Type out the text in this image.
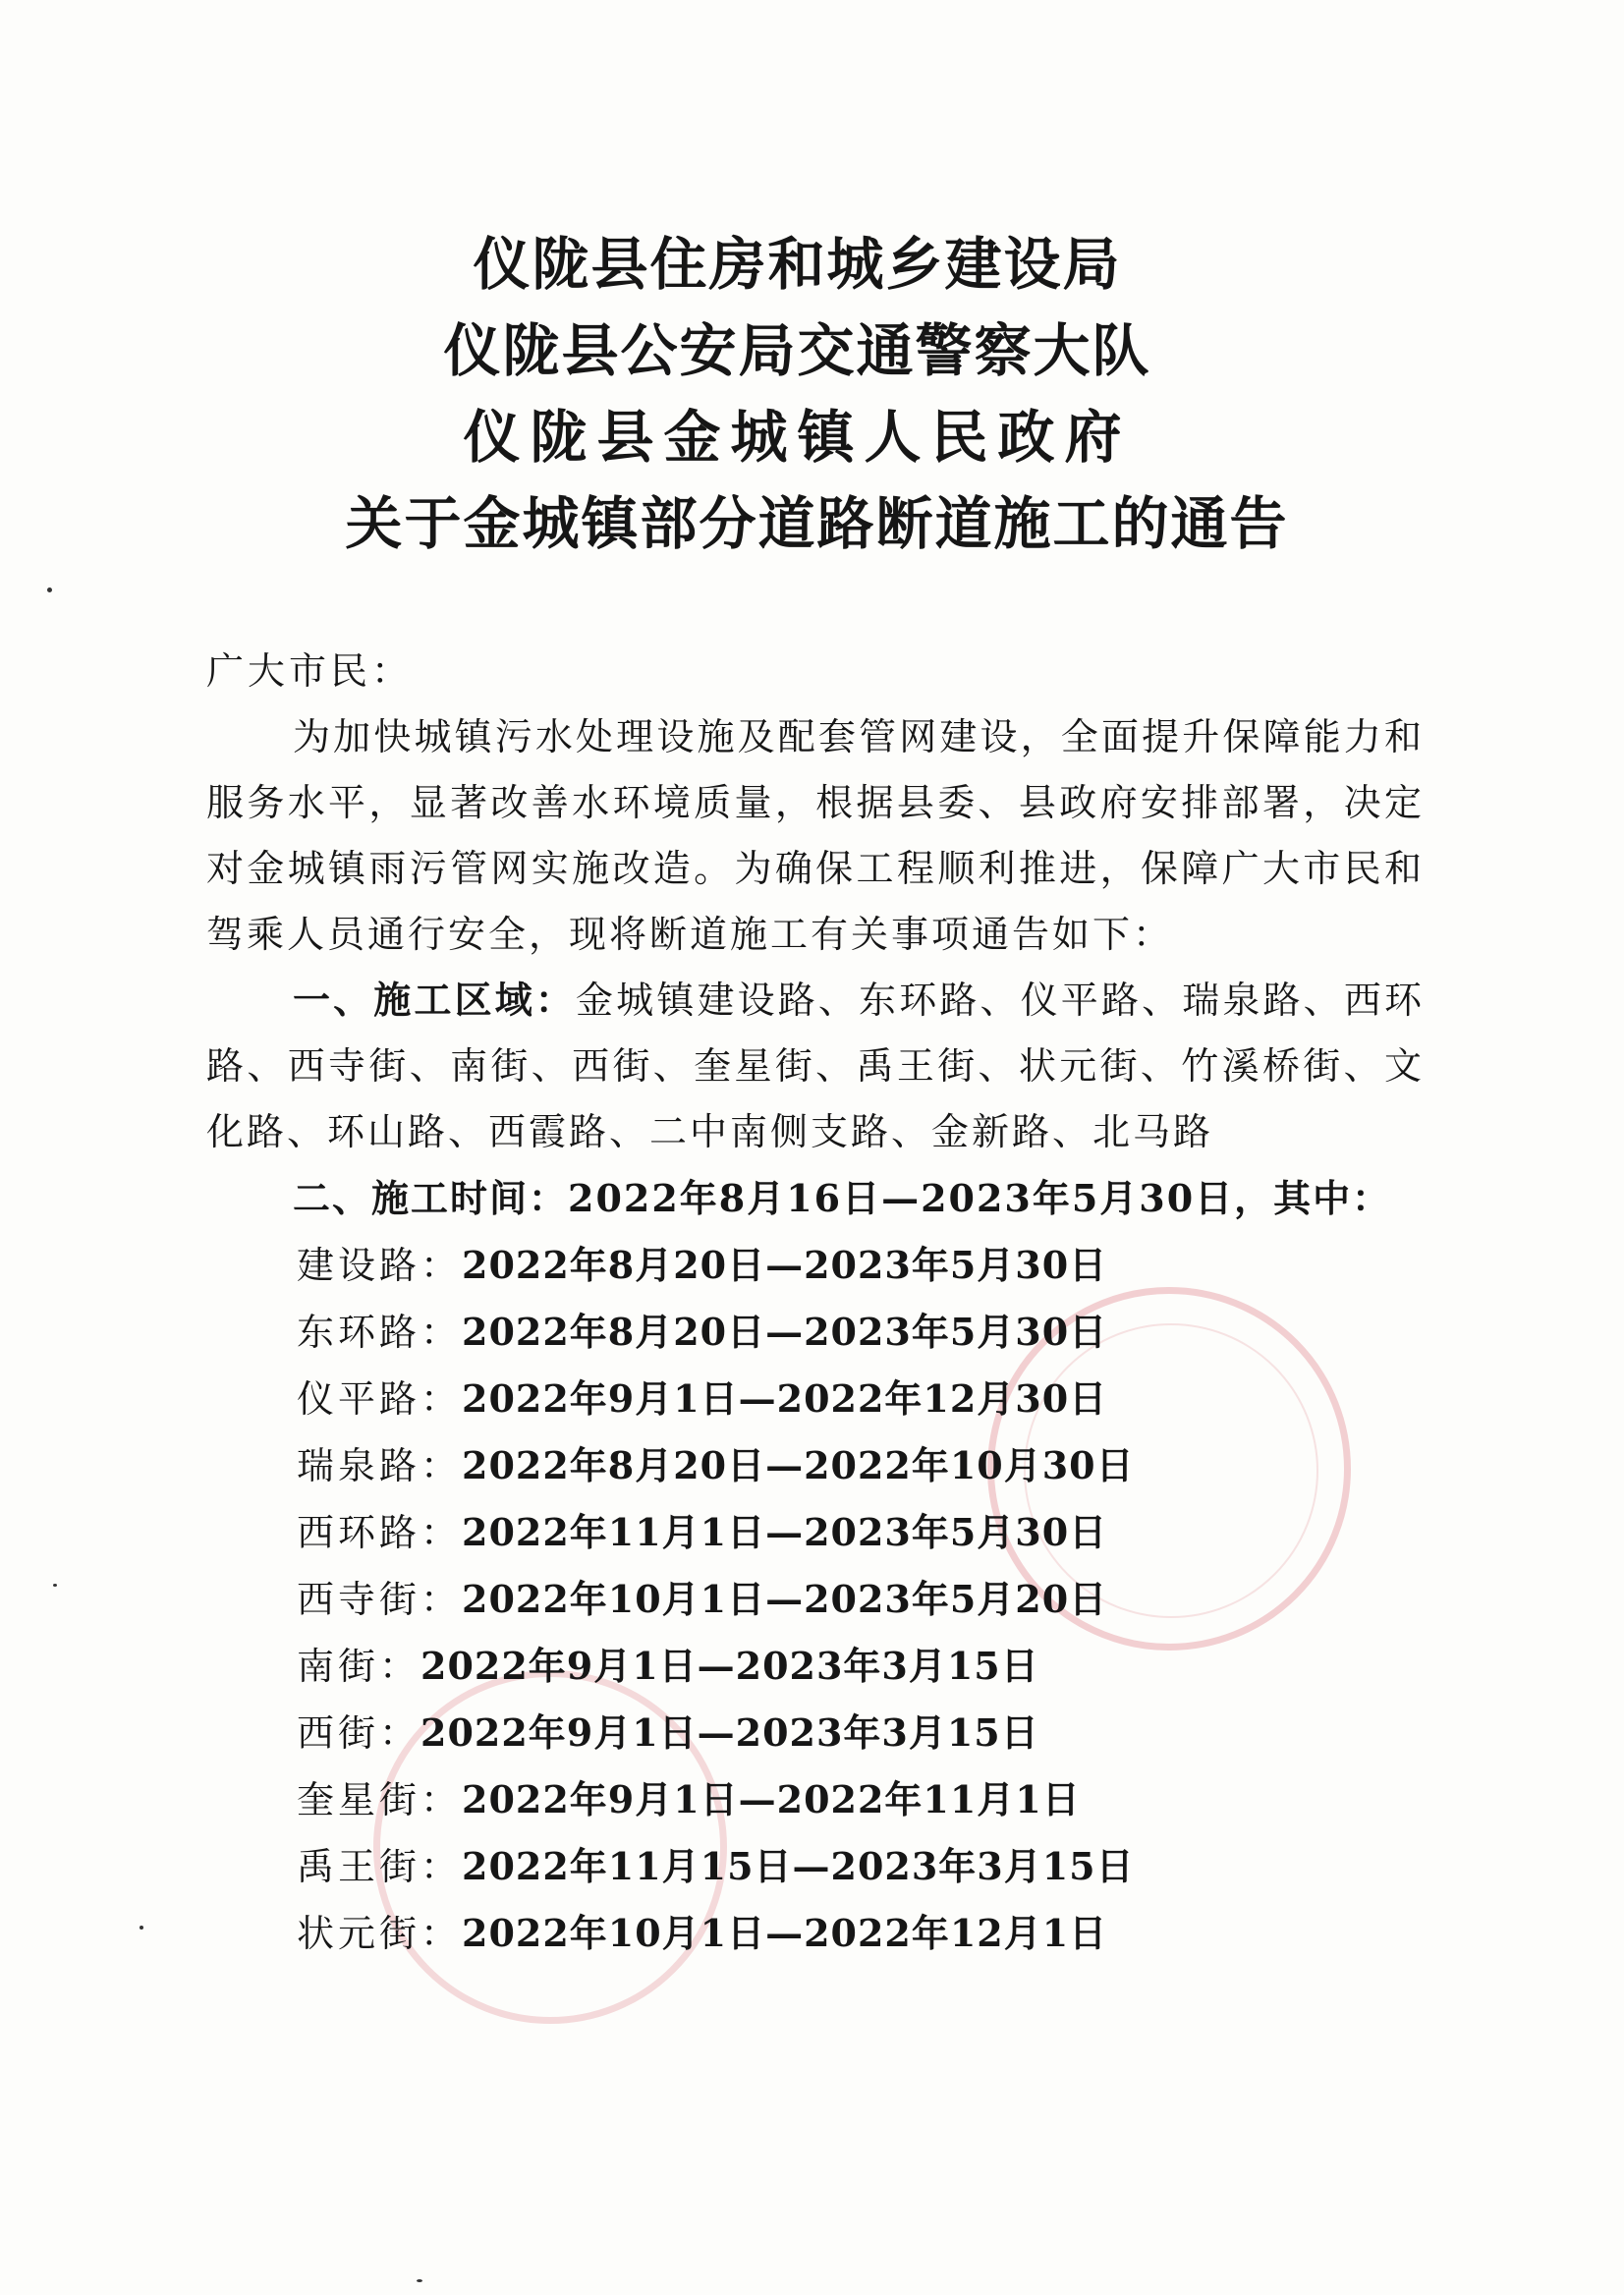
仪陇县住房和城乡建设局
仪陇县公安局交通警察大队
仪陇县金城镇人民政府
关于金城镇部分道路断道施工的通告
广大市民：
为加快城镇污水处理设施及配套管网建设，全面提升保障能力和服务水平，显著改善水环境质量，根据县委、县政府安排部署，决定对金城镇雨污管网实施改造。为确保工程顺利推进，保障广大市民和驾乘人员通行安全，现将断道施工有关事项通告如下：
一、施工区域：金城镇建设路、东环路、仪平路、瑞泉路、西环路、西寺街、南街、西街、奎星街、禹王街、状元街、竹溪桥街、文化路、环山路、西霞路、二中南侧支路、金新路、北马路
二、施工时间：2022年8月16日—2023年5月30日，其中：
建设路：2022年8月20日—2023年5月30日
东环路：2022年8月20日—2023年5月30日
仪平路：2022年9月1日—2022年12月30日
瑞泉路：2022年8月20日—2022年10月30日
西环路：2022年11月1日—2023年5月30日
西寺街：2022年10月1日—2023年5月20日
南街：2022年9月1日—2023年3月15日
西街：2022年9月1日—2023年3月15日
奎星街：2022年9月1日—2022年11月1日
禹王街：2022年11月15日—2023年3月15日
状元街：2022年10月1日—2022年12月1日
